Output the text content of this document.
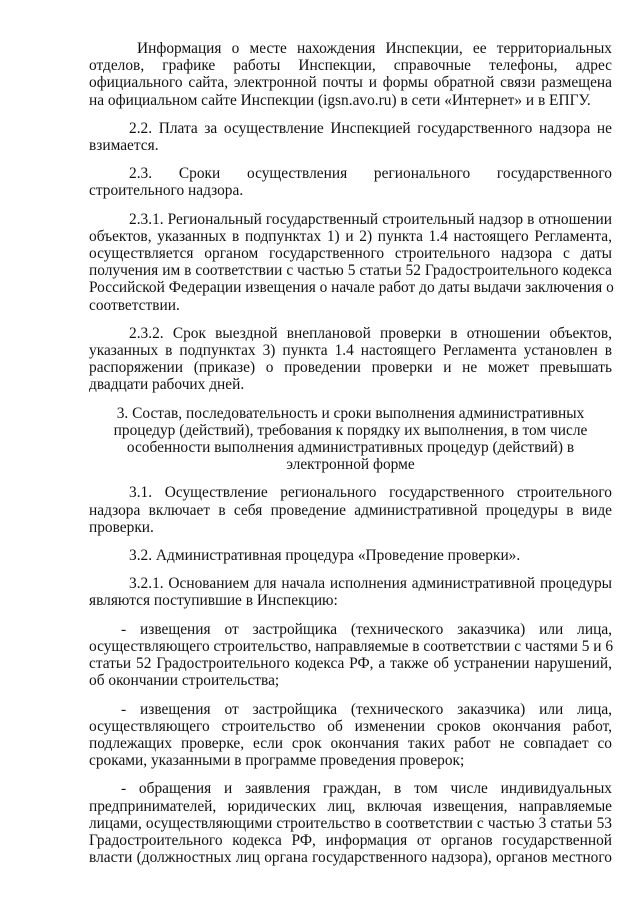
Информация о месте нахождения Инспекции, ее территориальных
отделов, графике работы Инспекции, справочные телефоны, адрес
официального сайта, электронной почты и формы обратной связи размещена
на официальном сайте Инспекции (igsn.avo.ru) в сети «Интернет» и в ЕПГУ.
2.2. Плата за осуществление Инспекцией государственного надзора не
взимается.
2.3. Сроки осуществления регионального государственного
строительного надзора.
2.3.1. Региональный государственный строительный надзор в отношении
объектов, указанных в подпунктах 1) и 2) пункта 1.4 настоящего Регламента,
осуществляется органом государственного строительного надзора с даты
получения им в соответствии с частью 5 статьи 52 Градостроительного кодекса
Российской Федерации извещения о начале работ до даты выдачи заключения о
соответствии.
2.3.2. Срок выездной внеплановой проверки в отношении объектов,
указанных в подпунктах 3) пункта 1.4 настоящего Регламента установлен в
распоряжении (приказе) о проведении проверки и не может превышать
двадцати рабочих дней.
3. Состав, последовательность и сроки выполнения административных
процедур (действий), требования к порядку их выполнения, в том числе
особенности выполнения административных процедур (действий) в
электронной форме
3.1. Осуществление регионального государственного строительного
надзора включает в себя проведение административной процедуры в виде
проверки.
3.2. Административная процедура «Проведение проверки».
3.2.1. Основанием для начала исполнения административной процедуры
являются поступившие в Инспекцию:
- извещения от застройщика (технического заказчика) или лица,
осуществляющего строительство, направляемые в соответствии с частями 5 и 6
статьи 52 Градостроительного кодекса РФ, а также об устранении нарушений,
об окончании строительства;
- извещения от застройщика (технического заказчика) или лица,
осуществляющего строительство об изменении сроков окончания работ,
подлежащих проверке, если срок окончания таких работ не совпадает со
сроками, указанными в программе проведения проверок;
- обращения и заявления граждан, в том числе индивидуальных
предпринимателей, юридических лиц, включая извещения, направляемые
лицами, осуществляющими строительство в соответствии с частью 3 статьи 53
Градостроительного кодекса РФ, информация от органов государственной
власти (должностных лиц органа государственного надзора), органов местного
